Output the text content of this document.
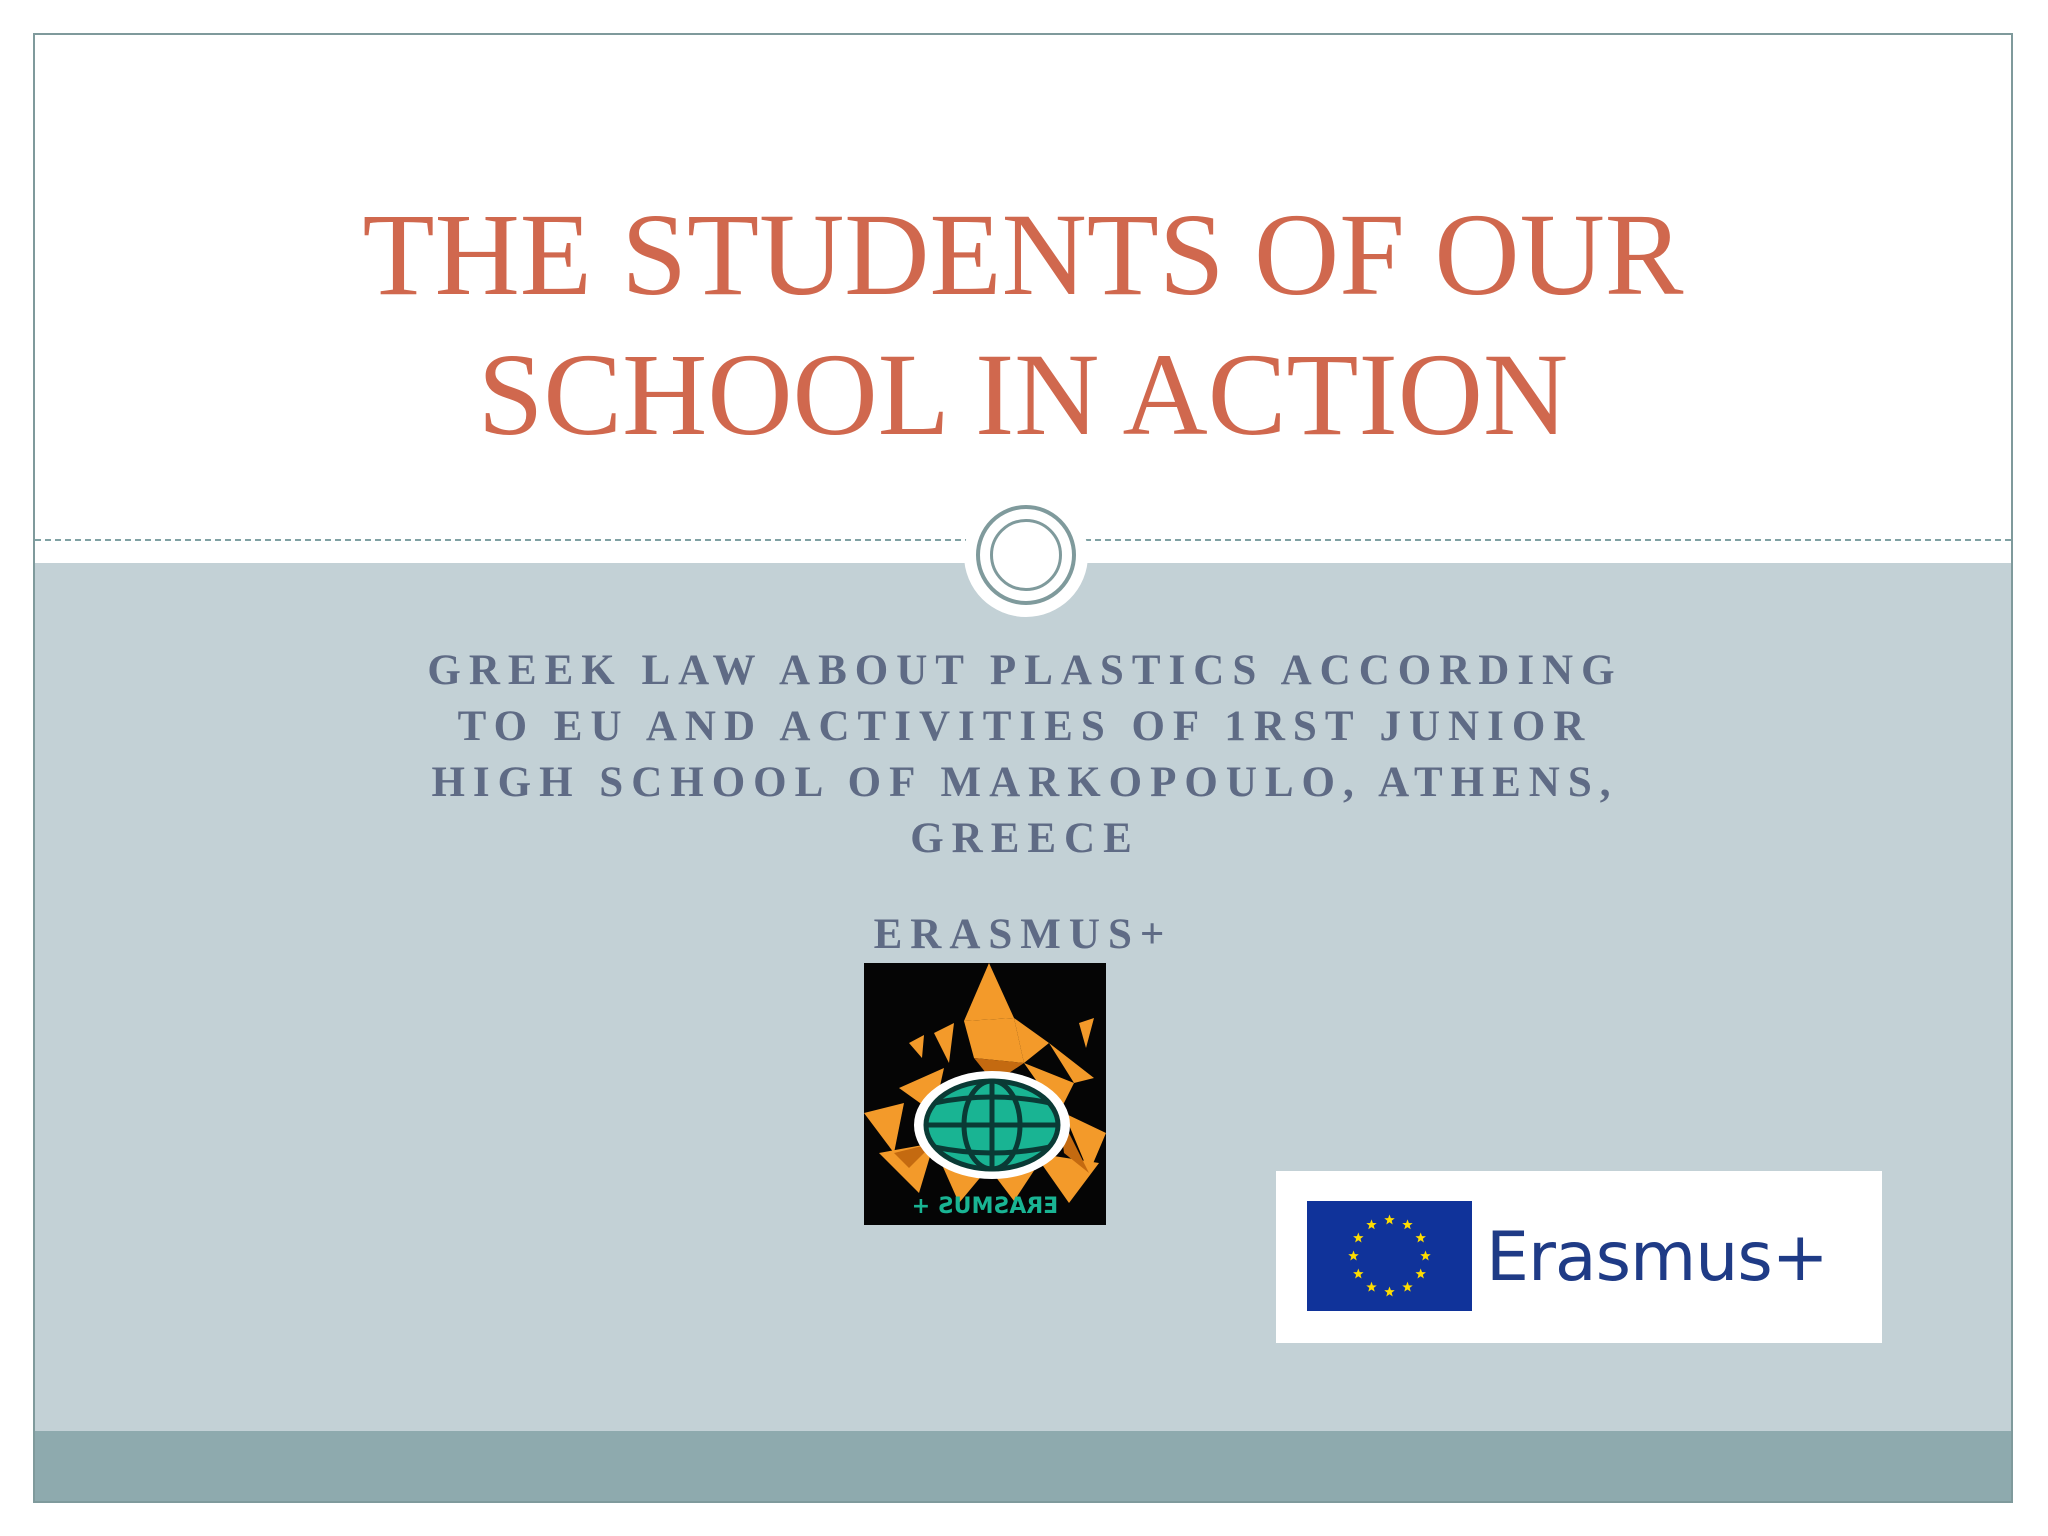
THE STUDENTS OF OUR
SCHOOL IN ACTION
GREEK LAW ABOUT PLASTICS ACCORDING
TO EU AND ACTIVITIES OF 1RST JUNIOR
HIGH SCHOOL OF MARKOPOULO, ATHENS,
GREECE
ERASMUS+
ERASMUS +
Erasmus+
